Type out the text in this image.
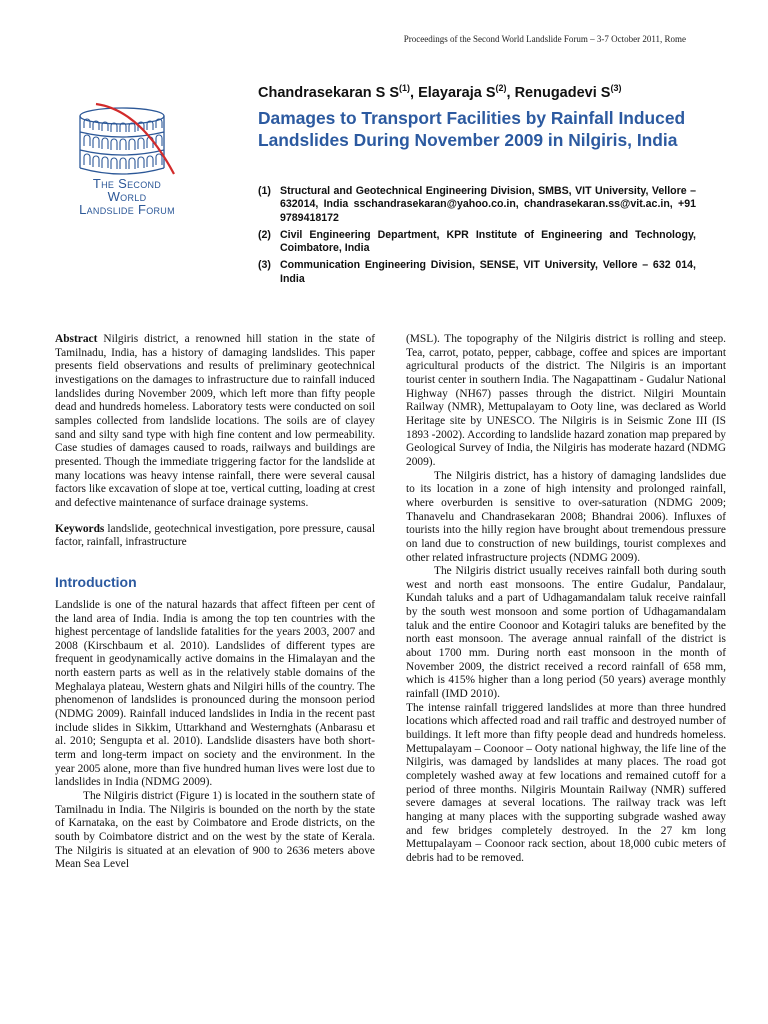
Proceedings of the Second World Landslide Forum – 3-7 October 2011, Rome
The Second
World
Landslide Forum
Chandrasekaran S $S^{(1)}$, Elayaraja $S^{(2)}$, Renugadevi $S^{(3)}$
Damages to Transport Facilities by Rainfall Induced Landslides During November 2009 in Nilgiris, India
(1) Structural and Geotechnical Engineering Division, SMBS, VIT University, Vellore – 632014, India sschandrasekaran@yahoo.co.in, chandrasekaran.ss@vit.ac.in, +91 9789418172
(2) Civil Engineering Department, KPR Institute of Engineering and Technology, Coimbatore, India
(3) Communication Engineering Division, SENSE, VIT University, Vellore – 632 014, India

Abstract Nilgiris district, a renowned hill station in the state of Tamilnadu, India, has a history of damaging landslides. This paper presents field observations and results of preliminary geotechnical investigations on the damages to infrastructure due to rainfall induced landslides during November 2009, which left more than fifty people dead and hundreds homeless. Laboratory tests were conducted on soil samples collected from landslide locations. The soils are of clayey sand and silty sand type with high fine content and low permeability. Case studies of damages caused to roads, railways and buildings are presented. Though the immediate triggering factor for the landslide at many locations was heavy intense rainfall, there were several causal factors like excavation of slope at toe, vertical cutting, loading at crest and defective maintenance of surface drainage systems.

Keywords landslide, geotechnical investigation, pore pressure, causal factor, rainfall, infrastructure

Introduction

Landslide is one of the natural hazards that affect fifteen per cent of the land area of India. India is among the top ten countries with the highest percentage of landslide fatalities for the years 2003, 2007 and 2008 (Kirschbaum et al. 2010). Landslides of different types are frequent in geodynamically active domains in the Himalayan and the north eastern parts as well as in the relatively stable domains of the Meghalaya plateau, Western ghats and Nilgiri hills of the country. The phenomenon of landslides is pronounced during the monsoon period (NDMG 2009). Rainfall induced landslides in India in the recent past include slides in Sikkim, Uttarkhand and Westernghats (Anbarasu et al. 2010; Sengupta et al. 2010). Landslide disasters have both short-term and long-term impact on society and the environment. In the year 2005 alone, more than five hundred human lives were lost due to landslides in India (NDMG 2009).

The Nilgiris district (Figure 1) is located in the southern state of Tamilnadu in India. The Nilgiris is bounded on the north by the state of Karnataka, on the east by Coimbatore and Erode districts, on the south by Coimbatore district and on the west by the state of Kerala. The Nilgiris is situated at an elevation of 900 to 2636 meters above Mean Sea Level

(MSL). The topography of the Nilgiris district is rolling and steep. Tea, carrot, potato, pepper, cabbage, coffee and spices are important agricultural products of the district. The Nilgiris is an important tourist center in southern India. The Nagapattinam - Gudalur National Highway (NH67) passes through the district. Nilgiri Mountain Railway (NMR), Mettupalayam to Ooty line, was declared as World Heritage site by UNESCO. The Nilgiris is in Seismic Zone III (IS 1893 -2002). According to landslide hazard zonation map prepared by Geological Survey of India, the Nilgiris has moderate hazard (NDMG 2009).

The Nilgiris district, has a history of damaging landslides due to its location in a zone of high intensity and prolonged rainfall, where overburden is sensitive to over-saturation (NDMG 2009; Thanavelu and Chandrasekaran 2008; Bhandrai 2006). Influxes of tourists into the hilly region have brought about tremendous pressure on land due to construction of new buildings, tourist complexes and other related infrastructure projects (NDMG 2009).

The Nilgiris district usually receives rainfall both during south west and north east monsoons. The entire Gudalur, Pandalaur, Kundah taluks and a part of Udhagamandalam taluk receive rainfall by the south west monsoon and some portion of Udhagamandalam taluk and the entire Coonoor and Kotagiri taluks are benefited by the north east monsoon. The average annual rainfall of the district is about 1700 mm. During north east monsoon in the month of November 2009, the district received a record rainfall of 658 mm, which is 415% higher than a long period (50 years) average monthly rainfall (IMD 2010).

The intense rainfall triggered landslides at more than three hundred locations which affected road and rail traffic and destroyed number of buildings. It left more than fifty people dead and hundreds homeless. Mettupalayam – Coonoor – Ooty national highway, the life line of the Nilgiris, was damaged by landslides at many places. The road got completely washed away at few locations and remained cutoff for a period of three months. Nilgiris Mountain Railway (NMR) suffered severe damages at several locations. The railway track was left hanging at many places with the supporting subgrade washed away and few bridges completely destroyed. In the 27 km long Mettupalayam – Coonoor rack section, about 18,000 cubic meters of debris had to be removed.
